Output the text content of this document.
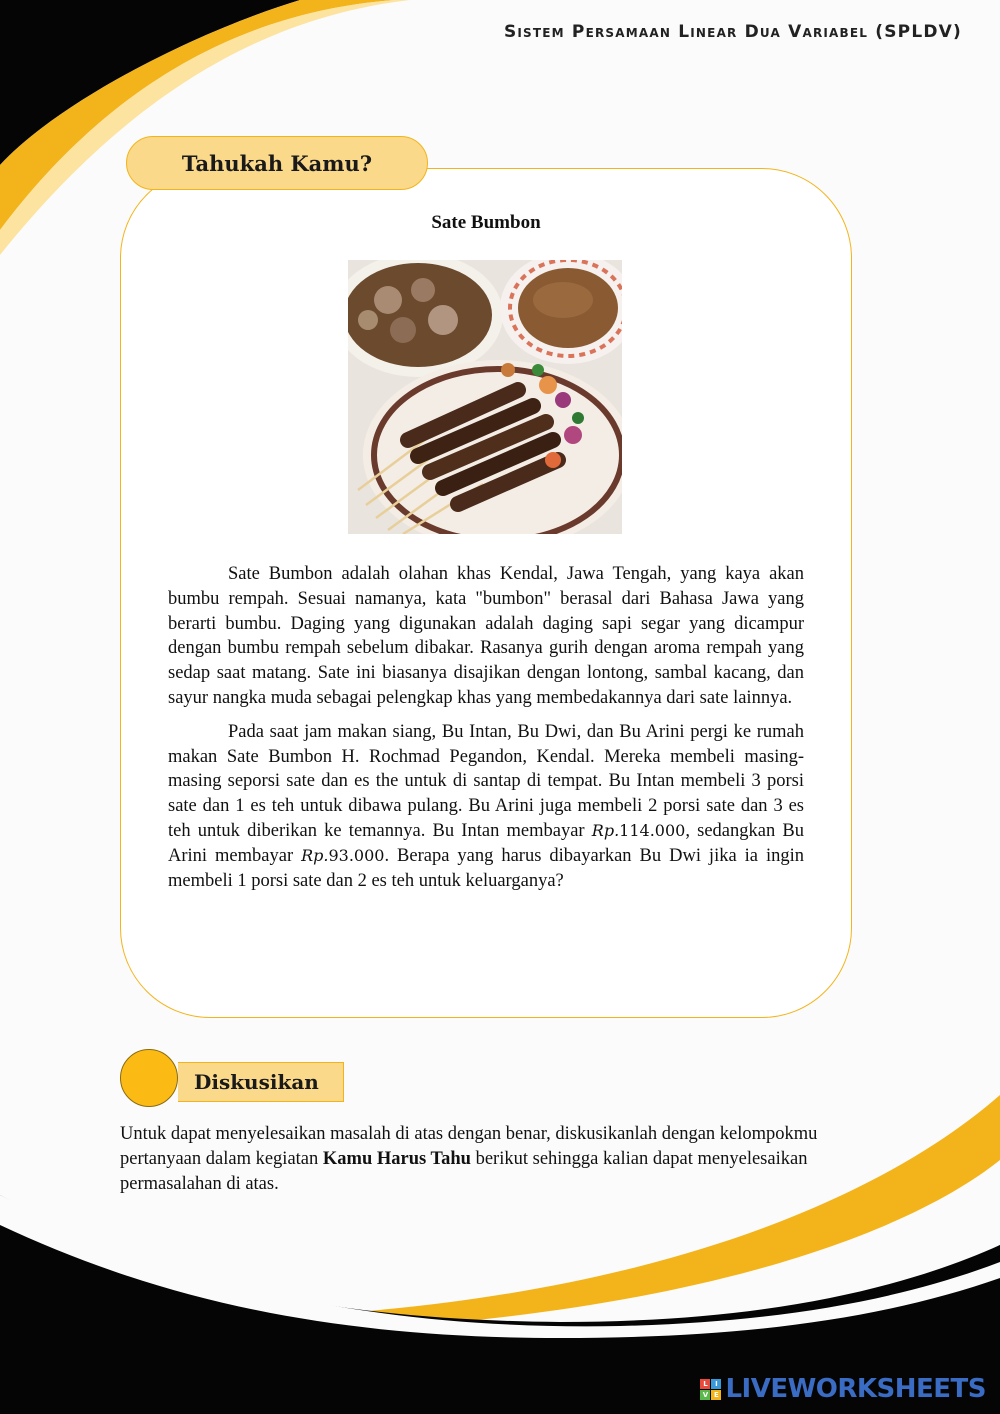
Sistem Persamaan Linear Dua Variabel (SPLDV)
Tahukah Kamu?
Sate Bumbon

Sate Bumbon adalah olahan khas Kendal, Jawa Tengah, yang kaya akan bumbu rempah. Sesuai namanya, kata "bumbon" berasal dari Bahasa Jawa yang berarti bumbu. Daging yang digunakan adalah daging sapi segar yang dicampur dengan bumbu rempah sebelum dibakar. Rasanya gurih dengan aroma rempah yang sedap saat matang. Sate ini biasanya disajikan dengan lontong, sambal kacang, dan sayur nangka muda sebagai pelengkap khas yang membedakannya dari sate lainnya.

Pada saat jam makan siang, Bu Intan, Bu Dwi, dan Bu Arini pergi ke rumah makan Sate Bumbon H. Rochmad Pegandon, Kendal. Mereka membeli masing-masing seporsi sate dan es the untuk di santap di tempat. Bu Intan membeli 3 porsi sate dan 1 es teh untuk dibawa pulang. Bu Arini juga membeli 2 porsi sate dan 3 es teh untuk diberikan ke temannya. Bu Intan membayar Rp.114.000, sedangkan Bu Arini membayar Rp.93.000. Berapa yang harus dibayarkan Bu Dwi jika ia ingin membeli 1 porsi sate dan 2 es teh untuk keluarganya?

Diskusikan
Untuk dapat menyelesaikan masalah di atas dengan benar, diskusikanlah dengan kelompokmu pertanyaan dalam kegiatan Kamu Harus Tahu berikut sehingga kalian dapat menyelesaikan permasalahan di atas.
L	I
V E LIVEWORKSHEETS
